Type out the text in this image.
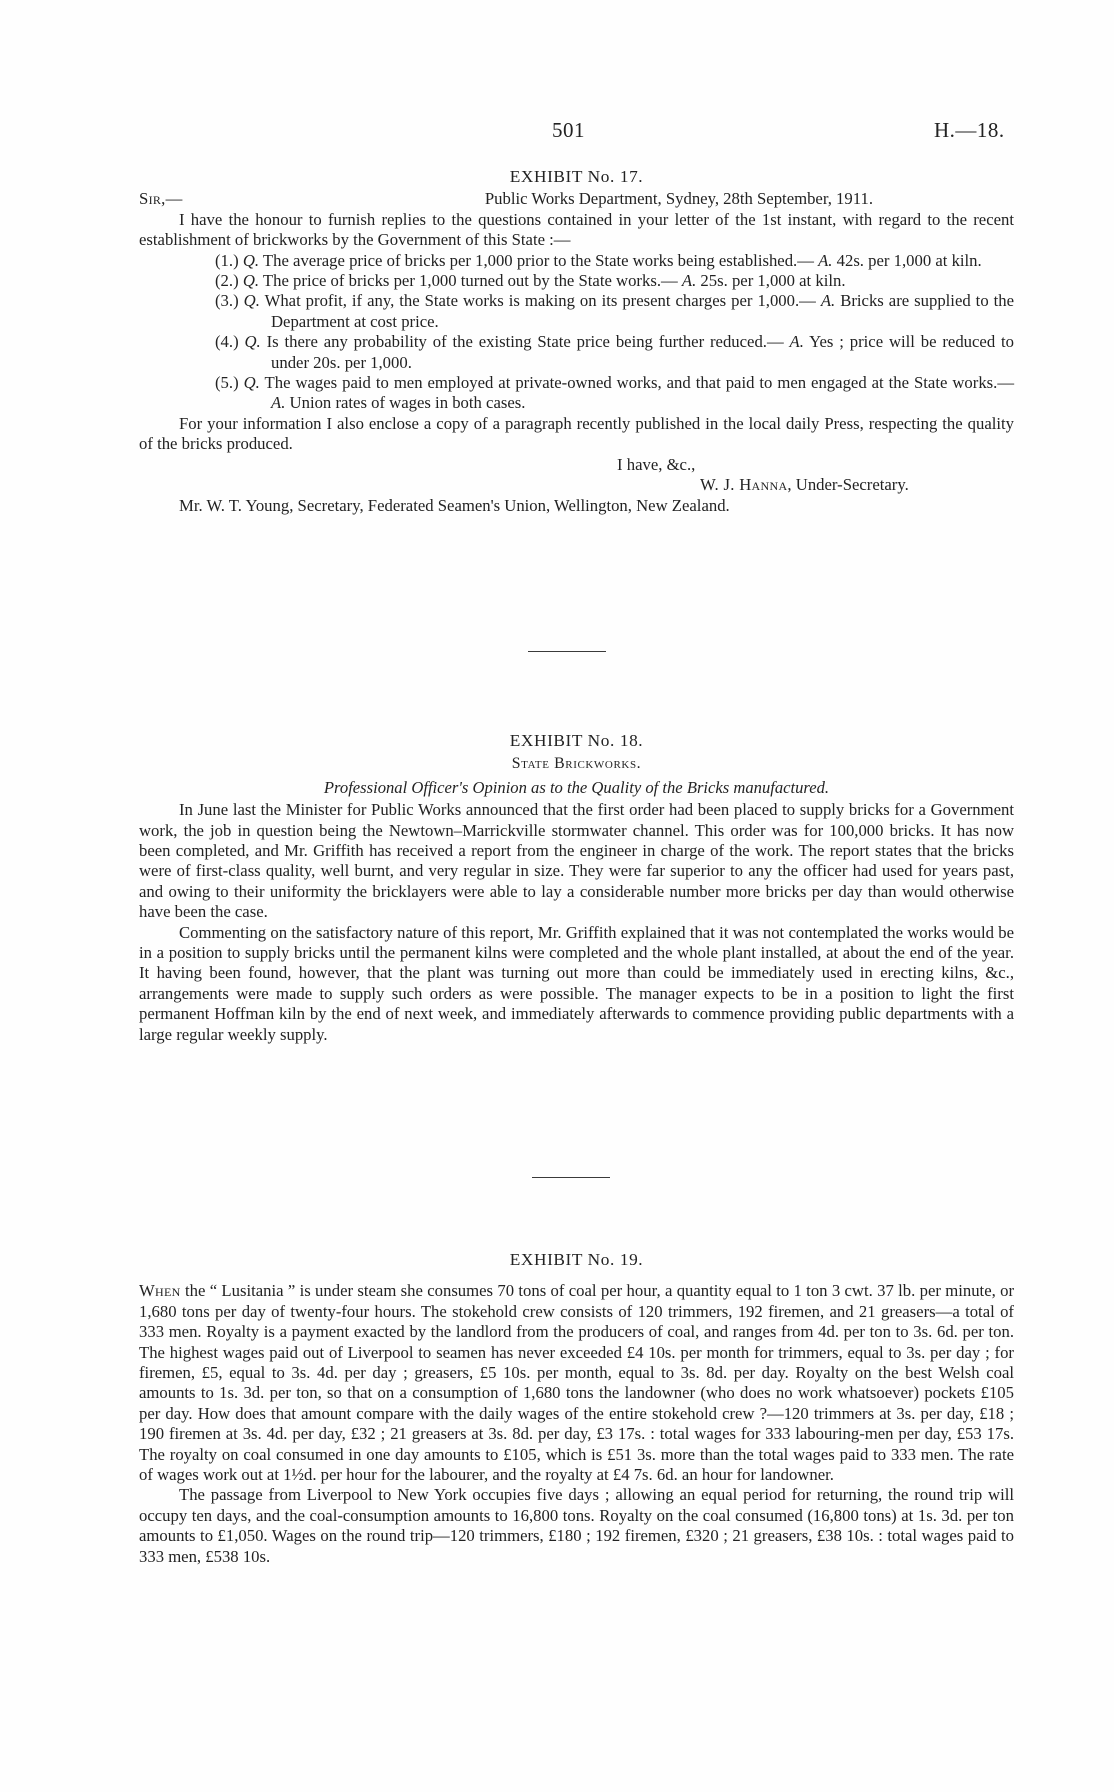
501	H.—18.
EXHIBIT No. 17.
Sir,—	Public Works Department, Sydney, 28th September, 1911.
I have the honour to furnish replies to the questions contained in your letter of the 1st instant, with regard to the recent establishment of brickworks by the Government of this State :—
(1.) Q. The average price of bricks per 1,000 prior to the State works being established.— A. 42s. per 1,000 at kiln.
(2.) Q. The price of bricks per 1,000 turned out by the State works.— A. 25s. per 1,000 at kiln.
(3.) Q. What profit, if any, the State works is making on its present charges per 1,000.— A. Bricks are supplied to the Department at cost price.
(4.) Q. Is there any probability of the existing State price being further reduced.— A. Yes ; price will be reduced to under 20s. per 1,000.
(5.) Q. The wages paid to men employed at private-owned works, and that paid to men engaged at the State works.— A. Union rates of wages in both cases.
For your information I also enclose a copy of a paragraph recently published in the local daily Press, respecting the quality of the bricks produced.
I have, &c.,
W. J. Hanna, Under-Secretary.
Mr. W. T. Young, Secretary, Federated Seamen's Union, Wellington, New Zealand.
EXHIBIT No. 18.
State Brickworks.
Professional Officer's Opinion as to the Quality of the Bricks manufactured.
In June last the Minister for Public Works announced that the first order had been placed to supply bricks for a Government work, the job in question being the Newtown–Marrickville stormwater channel. This order was for 100,000 bricks. It has now been completed, and Mr. Griffith has received a report from the engineer in charge of the work. The report states that the bricks were of first-class quality, well burnt, and very regular in size. They were far superior to any the officer had used for years past, and owing to their uniformity the bricklayers were able to lay a considerable number more bricks per day than would otherwise have been the case.
Commenting on the satisfactory nature of this report, Mr. Griffith explained that it was not contemplated the works would be in a position to supply bricks until the permanent kilns were completed and the whole plant installed, at about the end of the year. It having been found, however, that the plant was turning out more than could be immediately used in erecting kilns, &c., arrangements were made to supply such orders as were possible. The manager expects to be in a position to light the first permanent Hoffman kiln by the end of next week, and immediately afterwards to commence providing public departments with a large regular weekly supply.
EXHIBIT No. 19.
When the “ Lusitania ” is under steam she consumes 70 tons of coal per hour, a quantity equal to 1 ton 3 cwt. 37 lb. per minute, or 1,680 tons per day of twenty-four hours. The stokehold crew consists of 120 trimmers, 192 firemen, and 21 greasers—a total of 333 men. Royalty is a payment exacted by the landlord from the producers of coal, and ranges from 4d. per ton to 3s. 6d. per ton. The highest wages paid out of Liverpool to seamen has never exceeded £4 10s. per month for trimmers, equal to 3s. per day ; for firemen, £5, equal to 3s. 4d. per day ; greasers, £5 10s. per month, equal to 3s. 8d. per day. Royalty on the best Welsh coal amounts to 1s. 3d. per ton, so that on a consumption of 1,680 tons the landowner (who does no work whatsoever) pockets £105 per day. How does that amount compare with the daily wages of the entire stokehold crew ?—120 trimmers at 3s. per day, £18 ; 190 firemen at 3s. 4d. per day, £32 ; 21 greasers at 3s. 8d. per day, £3 17s. : total wages for 333 labouring-men per day, £53 17s. The royalty on coal consumed in one day amounts to £105, which is £51 3s. more than the total wages paid to 333 men. The rate of wages work out at 1½d. per hour for the labourer, and the royalty at £4 7s. 6d. an hour for landowner.
The passage from Liverpool to New York occupies five days ; allowing an equal period for returning, the round trip will occupy ten days, and the coal-consumption amounts to 16,800 tons. Royalty on the coal consumed (16,800 tons) at 1s. 3d. per ton amounts to £1,050. Wages on the round trip—120 trimmers, £180 ; 192 firemen, £320 ; 21 greasers, £38 10s. : total wages paid to 333 men, £538 10s.
